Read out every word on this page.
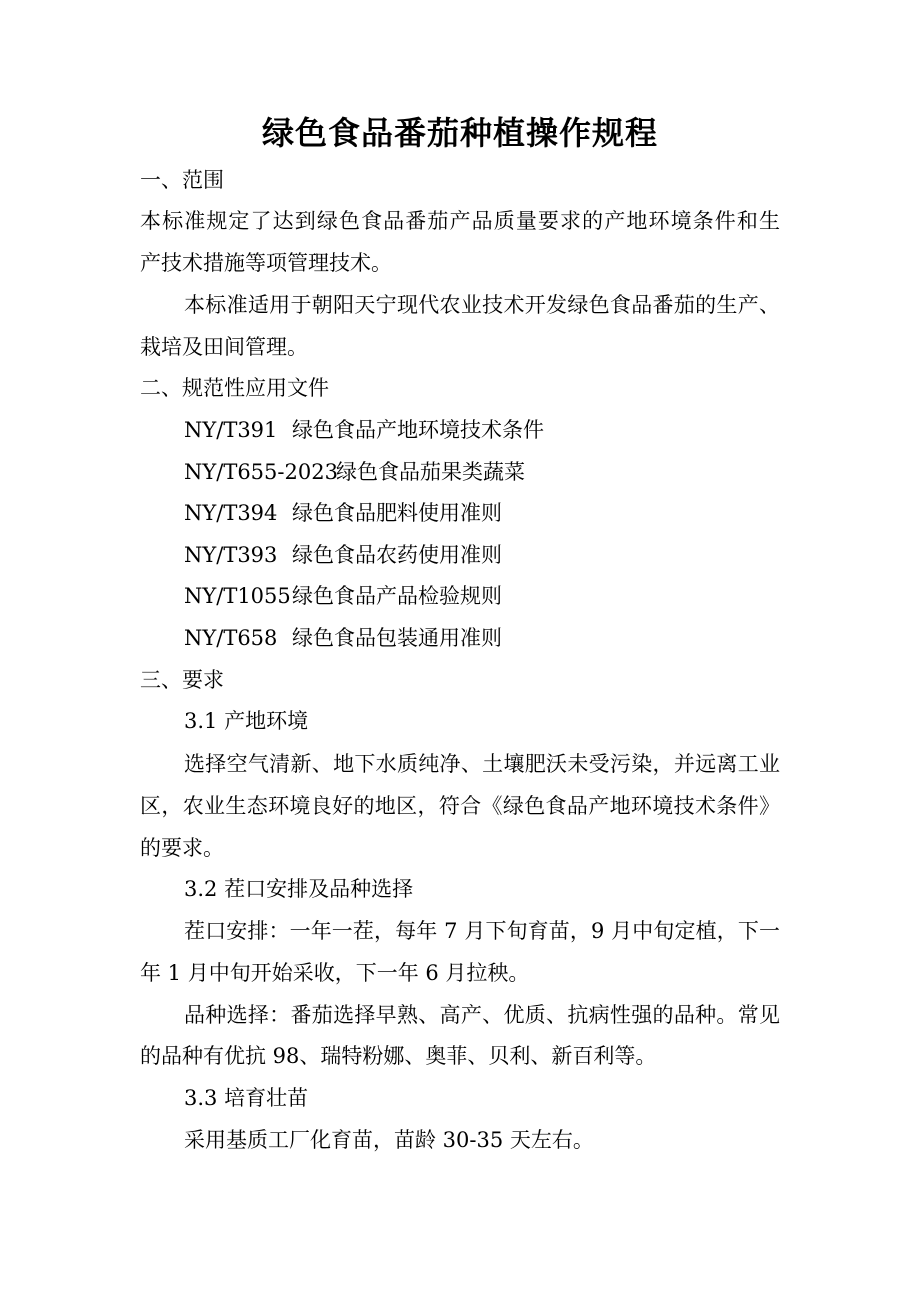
绿色食品番茄种植操作规程
一、范围
本标准规定了达到绿色食品番茄产品质量要求的产地环境条件和生
产技术措施等项管理技术。
本标准适用于朝阳天宁现代农业技术开发绿色食品番茄的生产、
栽培及田间管理。
二、规范性应用文件
NY/T391 绿色食品产地环境技术条件
NY/T655-2023绿色食品茄果类蔬菜
NY/T394 绿色食品肥料使用准则
NY/T393 绿色食品农药使用准则
NY/T1055绿色食品产品检验规则
NY/T658 绿色食品包装通用准则
三、要求
3.1 产地环境
选择空气清新、地下水质纯净、土壤肥沃未受污染，并远离工业
区，农业生态环境良好的地区，符合《绿色食品产地环境技术条件》
的要求。
3.2 茬口安排及品种选择
茬口安排：一年一茬，每年 7 月下旬育苗，9 月中旬定植，下一
年 1 月中旬开始采收，下一年 6 月拉秧。
品种选择：番茄选择早熟、高产、优质、抗病性强的品种。常见
的品种有优抗 98、瑞特粉娜、奥菲、贝利、新百利等。
3.3 培育壮苗
采用基质工厂化育苗，苗龄 30-35 天左右。
